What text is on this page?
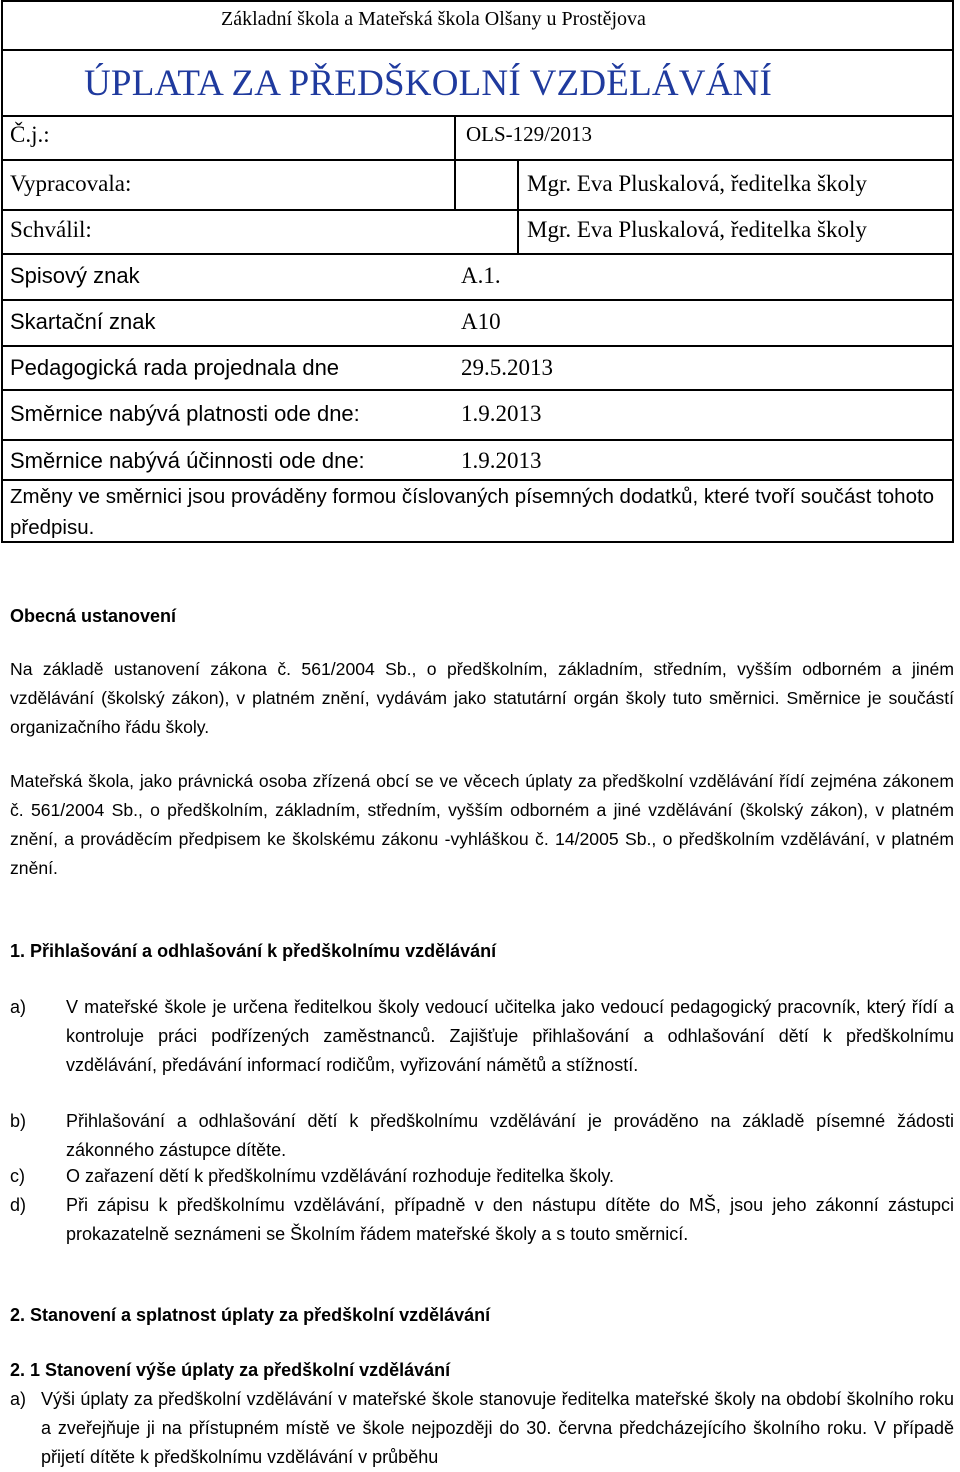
Základní škola a Mateřská škola Olšany u Prostějova
ÚPLATA ZA PŘEDŠKOLNÍ VZDĚLÁVÁNÍ
Č.j.:	OLS-129/2013
Vypracovala:	Mgr. Eva Pluskalová, ředitelka školy
Schválil:	Mgr. Eva Pluskalová, ředitelka školy
Spisový znak	A.1.
Skartační znak	A10
Pedagogická rada projednala dne	29.5.2013
Směrnice nabývá platnosti ode dne:	1.9.2013
Směrnice nabývá účinnosti ode dne:	1.9.2013
Změny ve směrnici jsou prováděny formou číslovaných písemných dodatků, které tvoří součást tohoto předpisu.
Obecná ustanovení
Na základě ustanovení zákona č. 561/2004 Sb., o předškolním, základním, středním, vyšším odborném a jiném vzdělávání (školský zákon), v platném znění, vydávám jako statutární orgán školy tuto směrnici. Směrnice je součástí organizačního řádu školy.
Mateřská škola, jako právnická osoba zřízená obcí se ve věcech úplaty za předškolní vzdělávání řídí zejména zákonem č. 561/2004 Sb., o předškolním, základním, středním, vyšším odborném a jiné vzdělávání (školský zákon), v platném znění, a prováděcím předpisem ke školskému zákonu -vyhláškou č. 14/2005 Sb., o předškolním vzdělávání, v platném znění.
1. Přihlašování a odhlašování k předškolnímu vzdělávání
a) V mateřské škole je určena ředitelkou školy vedoucí učitelka jako vedoucí pedagogický pracovník, který řídí a kontroluje práci podřízených zaměstnanců. Zajišťuje přihlašování a odhlašování dětí k předškolnímu vzdělávání, předávání informací rodičům, vyřizování námětů a stížností.
b) Přihlašování a odhlašování dětí k předškolnímu vzdělávání je prováděno na základě písemné žádosti zákonného zástupce dítěte.
c) O zařazení dětí k předškolnímu vzdělávání rozhoduje ředitelka školy.
d) Při zápisu k předškolnímu vzdělávání, případně v den nástupu dítěte do MŠ, jsou jeho zákonní zástupci prokazatelně seznámeni se Školním řádem mateřské školy a s touto směrnicí.
2. Stanovení a splatnost úplaty za předškolní vzdělávání
2. 1 Stanovení výše úplaty za předškolní vzdělávání
a) Výši úplaty za předškolní vzdělávání v mateřské škole stanovuje ředitelka mateřské školy na období školního roku a zveřejňuje ji na přístupném místě ve škole nejpozději do 30. června předcházejícího školního roku. V případě přijetí dítěte k předškolnímu vzdělávání v průběhu
